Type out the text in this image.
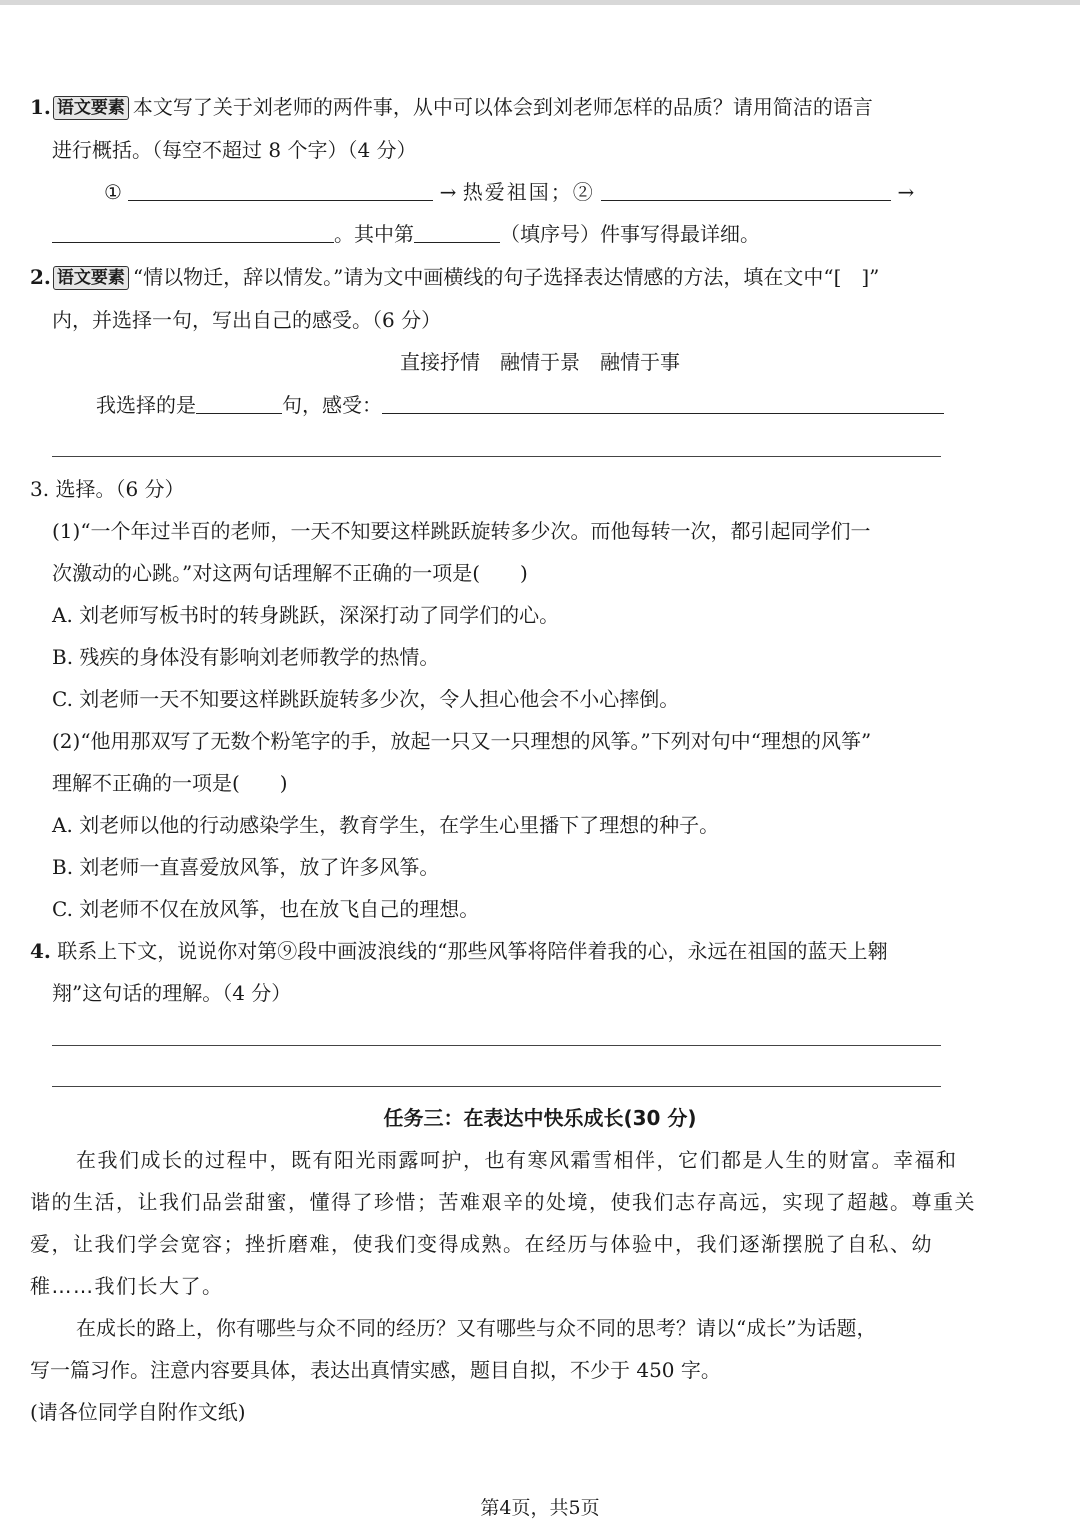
1. 语文要素 本文写了关于刘老师的两件事，从中可以体会到刘老师怎样的品质？请用简洁的语言
进行概括。（每空不超过 8 个字）（4 分）
①	→ 热爱祖国；②	→
。其中第	（填序号）件事写得最详细。
2. 语文要素 “情以物迁，辞以情发。”请为文中画横线的句子选择表达情感的方法，填在文中“[　]”
内，并选择一句，写出自己的感受。（6 分）
直接抒情　融情于景　融情于事
我选择的是	句，感受：
3. 选择。（6 分）
(1)“一个年过半百的老师，一天不知要这样跳跃旋转多少次。而他每转一次，都引起同学们一
次激动的心跳。”对这两句话理解不正确的一项是(　　)
A. 刘老师写板书时的转身跳跃，深深打动了同学们的心。
B. 残疾的身体没有影响刘老师教学的热情。
C. 刘老师一天不知要这样跳跃旋转多少次，令人担心他会不小心摔倒。
(2)“他用那双写了无数个粉笔字的手，放起一只又一只理想的风筝。”下列对句中“理想的风筝”
理解不正确的一项是(　　)
A. 刘老师以他的行动感染学生，教育学生，在学生心里播下了理想的种子。
B. 刘老师一直喜爱放风筝，放了许多风筝。
C. 刘老师不仅在放风筝，也在放飞自己的理想。
4. 联系上下文，说说你对第⑨段中画波浪线的“那些风筝将陪伴着我的心，永远在祖国的蓝天上翱
翔”这句话的理解。（4 分）
任务三：在表达中快乐成长(30 分)
在我们成长的过程中，既有阳光雨露呵护，也有寒风霜雪相伴，它们都是人生的财富。幸福和
谐的生活，让我们品尝甜蜜，懂得了珍惜；苦难艰辛的处境，使我们志存高远，实现了超越。尊重关
爱，让我们学会宽容；挫折磨难，使我们变得成熟。在经历与体验中，我们逐渐摆脱了自私、幼
稚……我们长大了。
在成长的路上，你有哪些与众不同的经历？又有哪些与众不同的思考？请以“成长”为话题，
写一篇习作。注意内容要具体，表达出真情实感，题目自拟，不少于 450 字。
(请各位同学自附作文纸)
第4页，共5页
